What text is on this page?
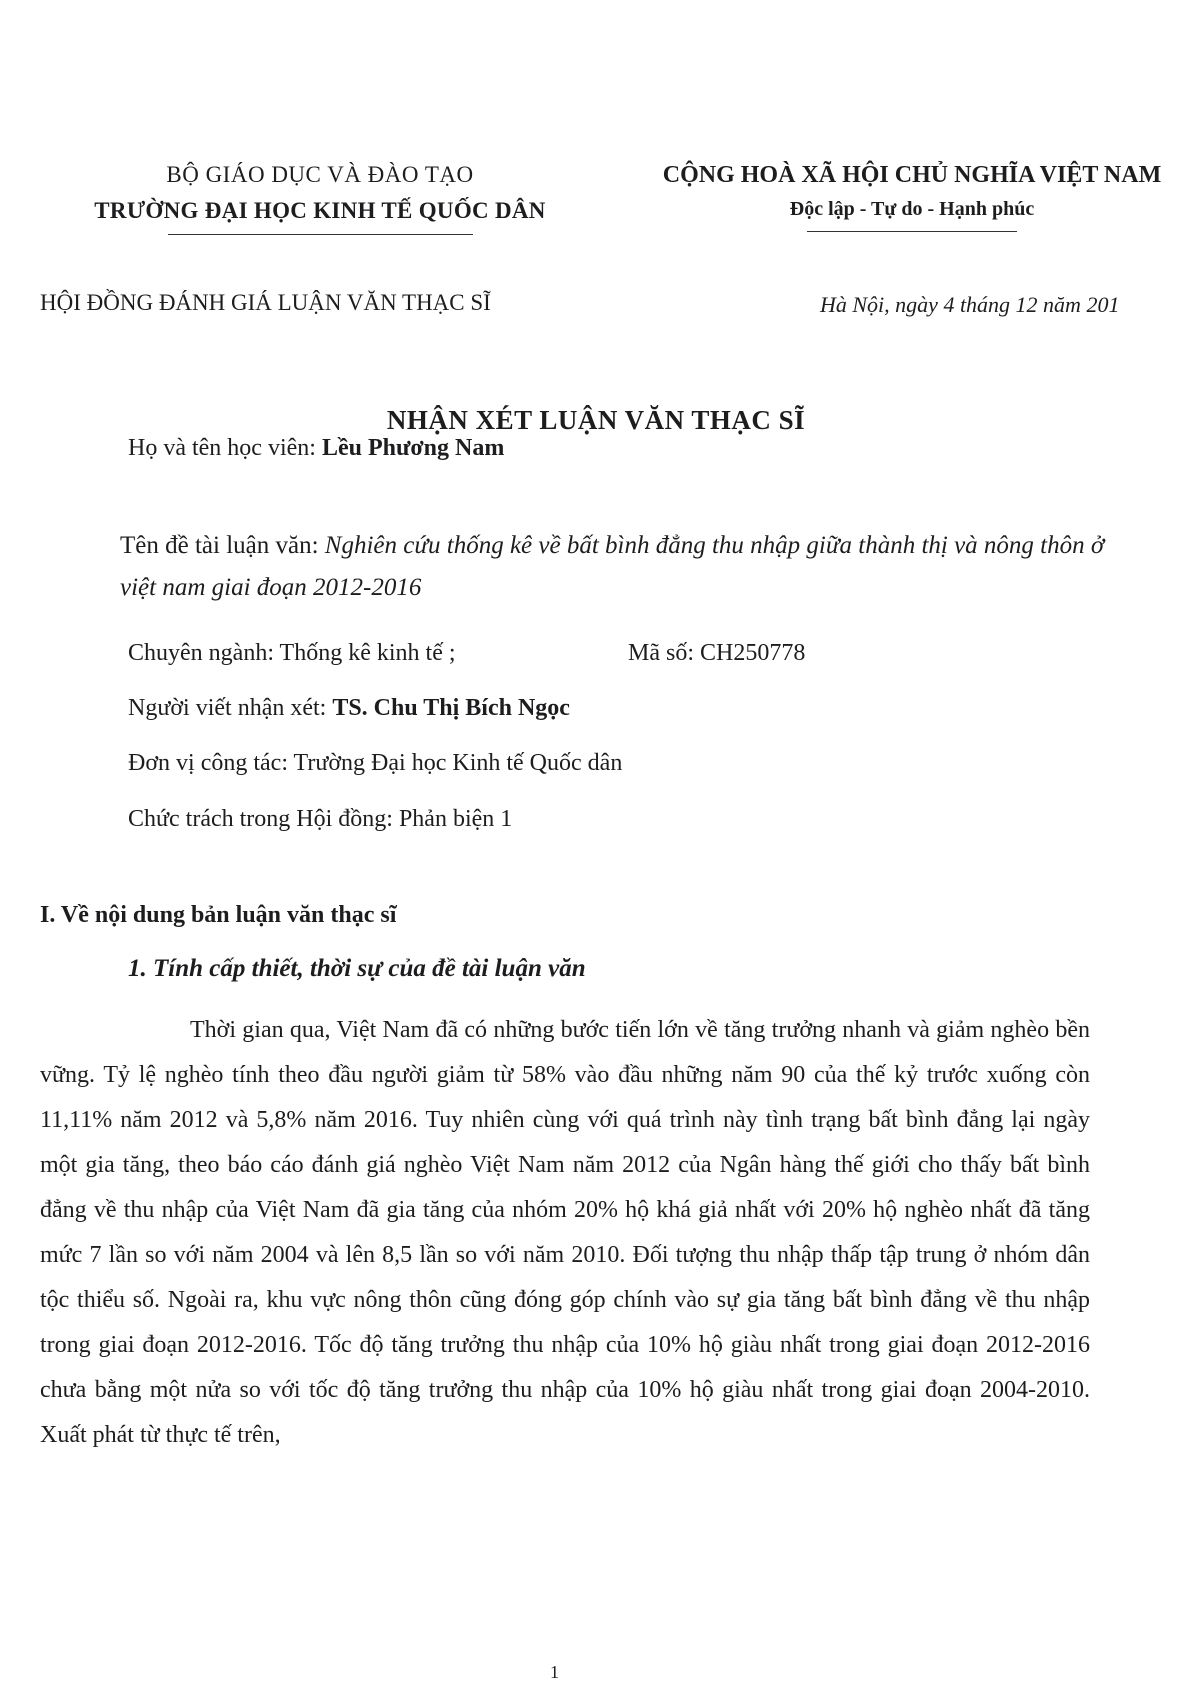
BỘ GIÁO DỤC VÀ ĐÀO TẠO
TRƯỜNG ĐẠI HỌC KINH TẾ QUỐC DÂN
CỘNG HOÀ XÃ HỘI CHỦ NGHĨA VIỆT NAM
Độc lập - Tự do - Hạnh phúc
HỘI ĐỒNG ĐÁNH GIÁ LUẬN VĂN THẠC SĨ	Hà Nội, ngày 4 tháng 12 năm 201
NHẬN XÉT LUẬN VĂN THẠC SĨ
Họ và tên học viên: Lều Phương Nam
Tên đề tài luận văn: Nghiên cứu thống kê về bất bình đẳng thu nhập giữa thành thị và nông thôn ở việt nam giai đoạn 2012-2016
Chuyên ngành: Thống kê kinh tế ;	Mã số: CH250778
Người viết nhận xét: TS. Chu Thị Bích Ngọc
Đơn vị công tác: Trường Đại học Kinh tế Quốc dân
Chức trách trong Hội đồng: Phản biện 1
I. Về nội dung bản luận văn thạc sĩ
1. Tính cấp thiết, thời sự của đề tài luận văn
Thời gian qua, Việt Nam đã có những bước tiến lớn về tăng trưởng nhanh và giảm nghèo bền vững. Tỷ lệ nghèo tính theo đầu người giảm từ 58% vào đầu những năm 90 của thế kỷ trước xuống còn 11,11% năm 2012 và 5,8% năm 2016. Tuy nhiên cùng với quá trình này tình trạng bất bình đẳng lại ngày một gia tăng, theo báo cáo đánh giá nghèo Việt Nam năm 2012 của Ngân hàng thế giới cho thấy bất bình đẳng về thu nhập của Việt Nam đã gia tăng của nhóm 20% hộ khá giả nhất với 20% hộ nghèo nhất đã tăng mức 7 lần so với năm 2004 và lên 8,5 lần so với năm 2010. Đối tượng thu nhập thấp tập trung ở nhóm dân tộc thiểu số. Ngoài ra, khu vực nông thôn cũng đóng góp chính vào sự gia tăng bất bình đẳng về thu nhập trong giai đoạn 2012-2016. Tốc độ tăng trưởng thu nhập của 10% hộ giàu nhất trong giai đoạn 2012-2016 chưa bằng một nửa so với tốc độ tăng trưởng thu nhập của 10% hộ giàu nhất trong giai đoạn 2004-2010. Xuất phát từ thực tế trên,
1
